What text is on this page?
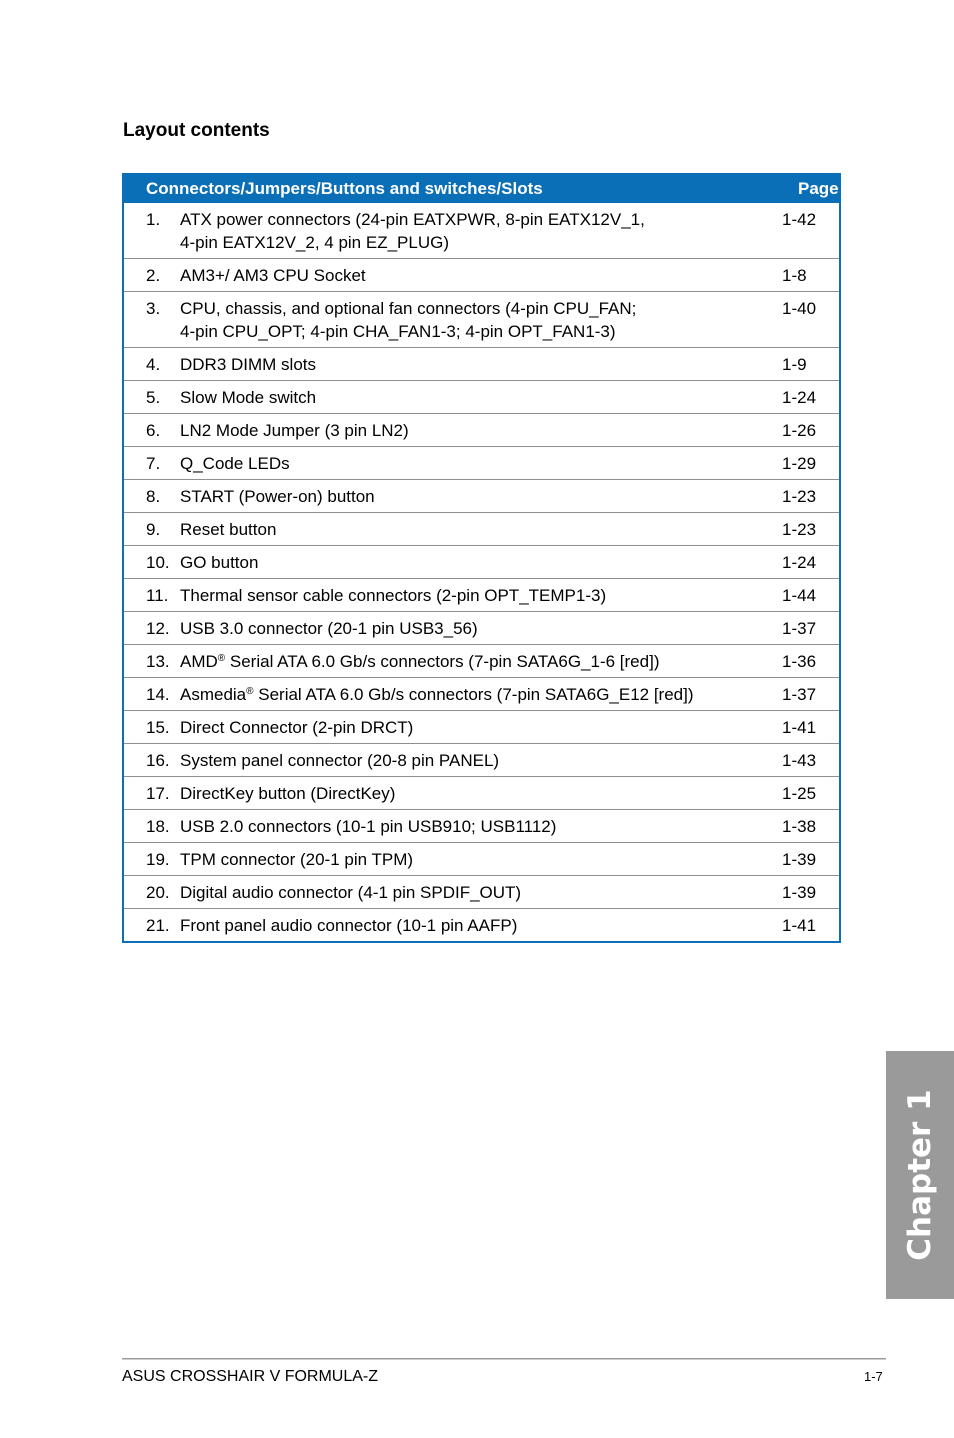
Layout contents
Connectors/Jumpers/Buttons and switches/Slots		Page
1.	ATX power connectors (24-pin EATXPWR, 8-pin EATX12V_1,
4-pin EATX12V_2, 4 pin EZ_PLUG)	1-42
2.	AM3+/ AM3 CPU Socket	1-8
3.	CPU, chassis, and optional fan connectors (4-pin CPU_FAN;
4-pin CPU_OPT; 4-pin CHA_FAN1-3; 4-pin OPT_FAN1-3)	1-40
4.	DDR3 DIMM slots	1-9
5.	Slow Mode switch	1-24
6.	LN2 Mode Jumper (3 pin LN2)	1-26
7.	Q_Code LEDs	1-29
8.	START (Power-on) button	1-23
9.	Reset button	1-23
10.	GO button	1-24
11.	Thermal sensor cable connectors (2-pin OPT_TEMP1-3)	1-44
12.	USB 3.0 connector (20-1 pin USB3_56)	1-37
13.	AMD® Serial ATA 6.0 Gb/s connectors (7-pin SATA6G_1-6 [red])	1-36
14.	Asmedia® Serial ATA 6.0 Gb/s connectors (7-pin SATA6G_E12 [red])	1-37
15.	Direct Connector (2-pin DRCT)	1-41
16.	System panel connector (20-8 pin PANEL)	1-43
17.	DirectKey button (DirectKey)	1-25
18.	USB 2.0 connectors (10-1 pin USB910; USB1112)	1-38
19.	TPM connector (20-1 pin TPM)	1-39
20.	Digital audio connector (4-1 pin SPDIF_OUT)	1-39
21.	Front panel audio connector (10-1 pin AAFP)	1-41
Chapter 1
ASUS CROSSHAIR V FORMULA-Z	1-7
